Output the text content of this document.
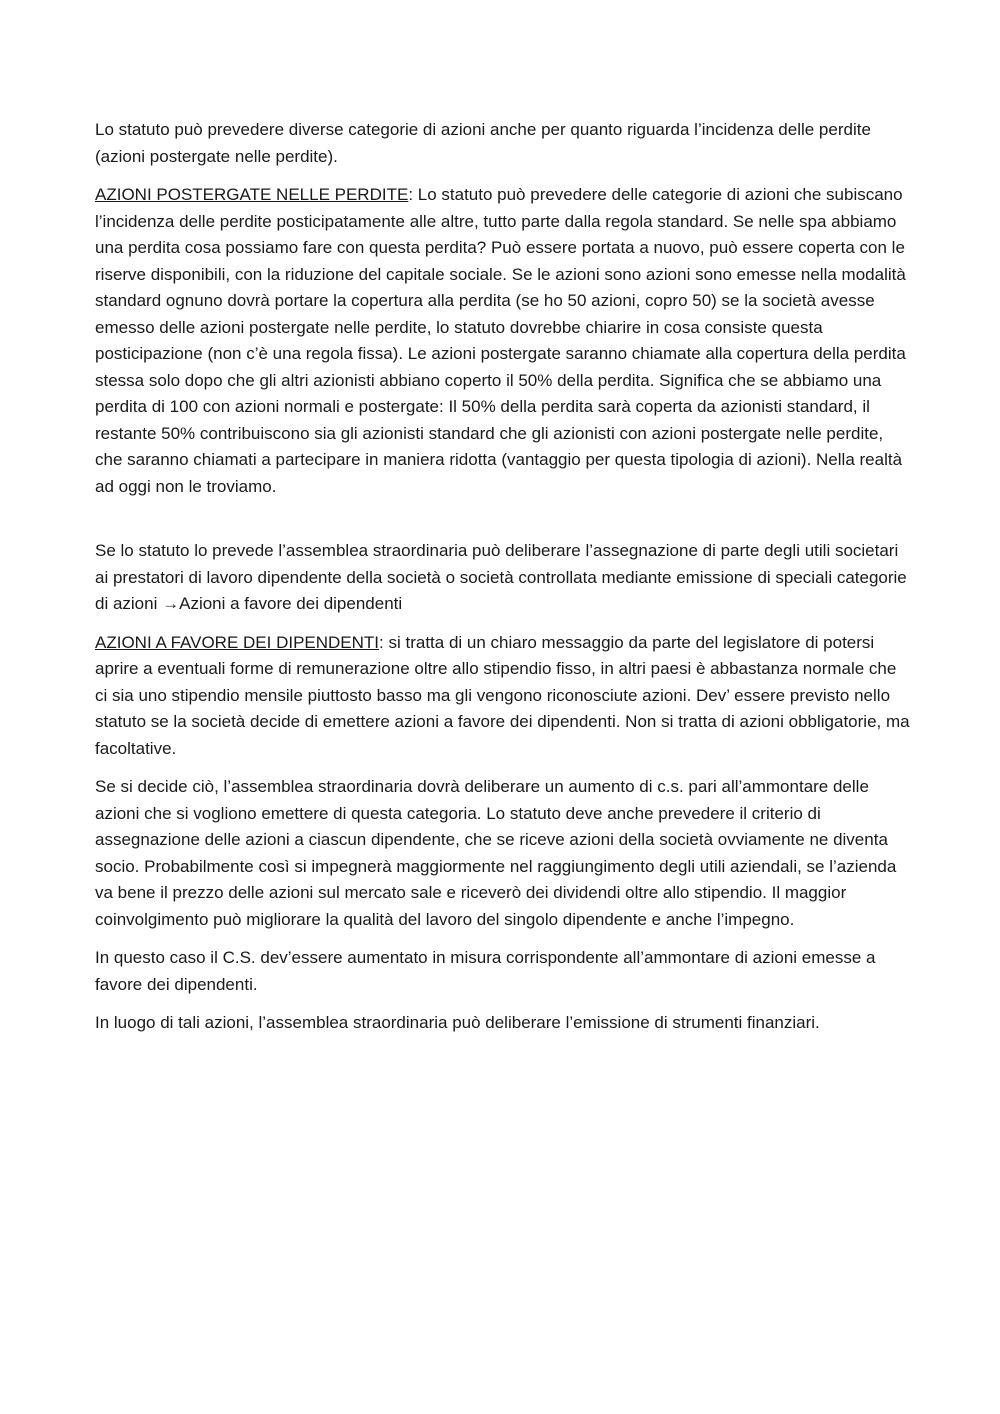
Lo statuto può prevedere diverse categorie di azioni anche per quanto riguarda l’incidenza delle perdite (azioni postergate nelle perdite).

AZIONI POSTERGATE NELLE PERDITE: Lo statuto può prevedere delle categorie di azioni che subiscano l’incidenza delle perdite posticipatamente alle altre, tutto parte dalla regola standard. Se nelle spa abbiamo una perdita cosa possiamo fare con questa perdita? Può essere portata a nuovo, può essere coperta con le riserve disponibili, con la riduzione del capitale sociale. Se le azioni sono azioni sono emesse nella modalità standard ognuno dovrà portare la copertura alla perdita (se ho 50 azioni, copro 50) se la società avesse emesso delle azioni postergate nelle perdite, lo statuto dovrebbe chiarire in cosa consiste questa posticipazione (non c’è una regola fissa). Le azioni postergate saranno chiamate alla copertura della perdita stessa solo dopo che gli altri azionisti abbiano coperto il 50% della perdita. Significa che se abbiamo una perdita di 100 con azioni normali e postergate: Il 50% della perdita sarà coperta da azionisti standard, il restante 50% contribuiscono sia gli azionisti standard che gli azionisti con azioni postergate nelle perdite, che saranno chiamati a partecipare in maniera ridotta (vantaggio per questa tipologia di azioni). Nella realtà ad oggi non le troviamo.

Se lo statuto lo prevede l’assemblea straordinaria può deliberare l’assegnazione di parte degli utili societari ai prestatori di lavoro dipendente della società o società controllata mediante emissione di speciali categorie di azioni →Azioni a favore dei dipendenti

AZIONI A FAVORE DEI DIPENDENTI: si tratta di un chiaro messaggio da parte del legislatore di potersi aprire a eventuali forme di remunerazione oltre allo stipendio fisso, in altri paesi è abbastanza normale che ci sia uno stipendio mensile piuttosto basso ma gli vengono riconosciute azioni. Dev’ essere previsto nello statuto se la società decide di emettere azioni a favore dei dipendenti. Non si tratta di azioni obbligatorie, ma facoltative.

Se si decide ciò, l’assemblea straordinaria dovrà deliberare un aumento di c.s. pari all’ammontare delle azioni che si vogliono emettere di questa categoria. Lo statuto deve anche prevedere il criterio di assegnazione delle azioni a ciascun dipendente, che se riceve azioni della società ovviamente ne diventa socio. Probabilmente così si impegnerà maggiormente nel raggiungimento degli utili aziendali, se l’azienda va bene il prezzo delle azioni sul mercato sale e riceverò dei dividendi oltre allo stipendio. Il maggior coinvolgimento può migliorare la qualità del lavoro del singolo dipendente e anche l’impegno.

In questo caso il C.S. dev’essere aumentato in misura corrispondente all’ammontare di azioni emesse a favore dei dipendenti.

In luogo di tali azioni, l’assemblea straordinaria può deliberare l’emissione di strumenti finanziari.
